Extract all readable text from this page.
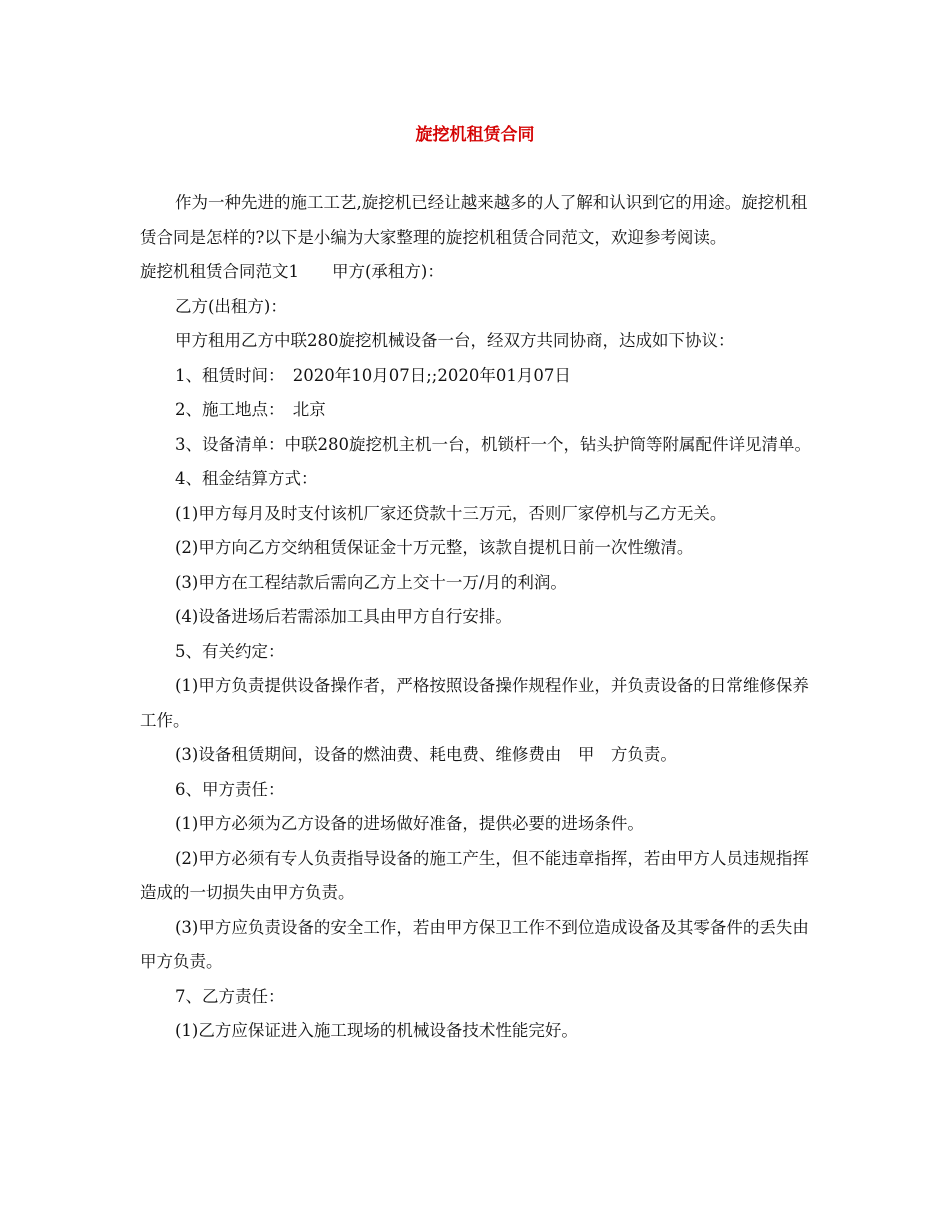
旋挖机租赁合同

作为一种先进的施工工艺,旋挖机已经让越来越多的人了解和认识到它的用途。旋挖机租赁合同是怎样的?以下是小编为大家整理的旋挖机租赁合同范文，欢迎参考阅读。

旋挖机租赁合同范文1　　甲方(承租方)：

乙方(出租方)：

甲方租用乙方中联280旋挖机械设备一台，经双方共同协商，达成如下协议：

1、租赁时间：　2020年10月07日;;2020年01月07日

2、施工地点：　北京

3、设备清单：中联280旋挖机主机一台，机锁杆一个，钻头护筒等附属配件详见清单。

4、租金结算方式：

(1)甲方每月及时支付该机厂家还贷款十三万元，否则厂家停机与乙方无关。

(2)甲方向乙方交纳租赁保证金十万元整，该款自提机日前一次性缴清。

(3)甲方在工程结款后需向乙方上交十一万/月的利润。

(4)设备进场后若需添加工具由甲方自行安排。

5、有关约定：

(1)甲方负责提供设备操作者，严格按照设备操作规程作业，并负责设备的日常维修保养工作。

(3)设备租赁期间，设备的燃油费、耗电费、维修费由　甲　方负责。

6、甲方责任：

(1)甲方必须为乙方设备的进场做好准备，提供必要的进场条件。

(2)甲方必须有专人负责指导设备的施工产生，但不能违章指挥，若由甲方人员违规指挥造成的一切损失由甲方负责。

(3)甲方应负责设备的安全工作，若由甲方保卫工作不到位造成设备及其零备件的丢失由甲方负责。

7、乙方责任：

(1)乙方应保证进入施工现场的机械设备技术性能完好。
